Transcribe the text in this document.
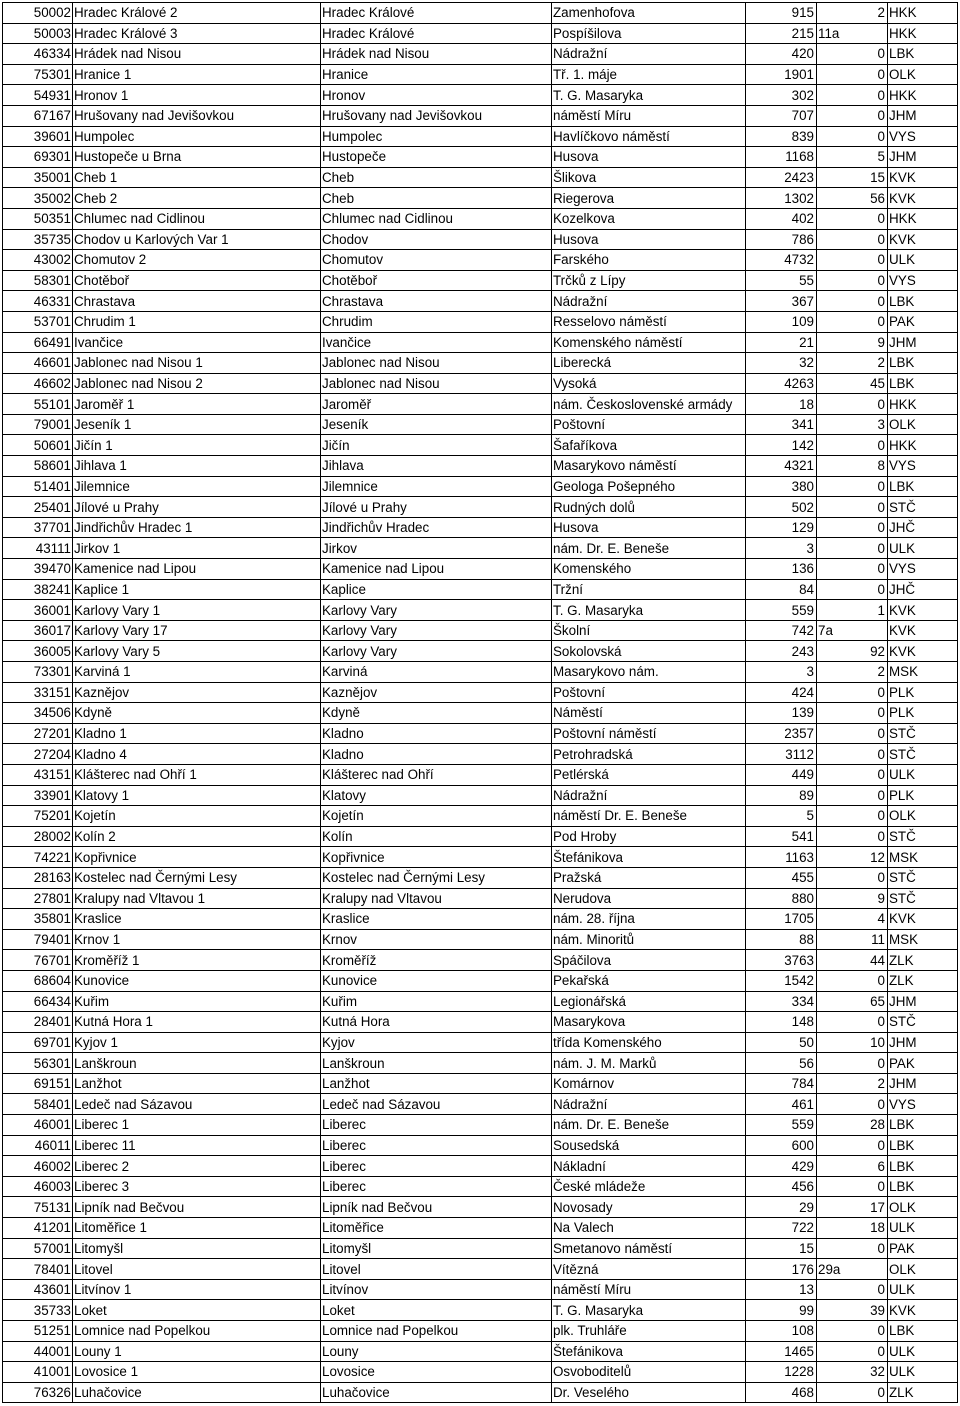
50002	Hradec Králové 2	Hradec Králové	Zamenhofova	915	2	HKK
50003	Hradec Králové 3	Hradec Králové	Pospíšilova	215	11a	HKK
46334	Hrádek nad Nisou	Hrádek nad Nisou	Nádražní	420	0	LBK
75301	Hranice 1	Hranice	Tř. 1. máje	1901	0	OLK
54931	Hronov 1	Hronov	T. G. Masaryka	302	0	HKK
67167	Hrušovany nad Jevišovkou	Hrušovany nad Jevišovkou	náměstí Míru	707	0	JHM
39601	Humpolec	Humpolec	Havlíčkovo náměstí	839	0	VYS
69301	Hustopeče u Brna	Hustopeče	Husova	1168	5	JHM
35001	Cheb 1	Cheb	Šlikova	2423	15	KVK
35002	Cheb 2	Cheb	Riegerova	1302	56	KVK
50351	Chlumec nad Cidlinou	Chlumec nad Cidlinou	Kozelkova	402	0	HKK
35735	Chodov u Karlových Var 1	Chodov	Husova	786	0	KVK
43002	Chomutov 2	Chomutov	Farského	4732	0	ULK
58301	Chotěboř	Chotěboř	Trčků z Lípy	55	0	VYS
46331	Chrastava	Chrastava	Nádražní	367	0	LBK
53701	Chrudim 1	Chrudim	Resselovo náměstí	109	0	PAK
66491	Ivančice	Ivančice	Komenského náměstí	21	9	JHM
46601	Jablonec nad Nisou 1	Jablonec nad Nisou	Liberecká	32	2	LBK
46602	Jablonec nad Nisou 2	Jablonec nad Nisou	Vysoká	4263	45	LBK
55101	Jaroměř 1	Jaroměř	nám. Československé armády	18	0	HKK
79001	Jeseník 1	Jeseník	Poštovní	341	3	OLK
50601	Jičín 1	Jičín	Šafaříkova	142	0	HKK
58601	Jihlava 1	Jihlava	Masarykovo náměstí	4321	8	VYS
51401	Jilemnice	Jilemnice	Geologa Pošepného	380	0	LBK
25401	Jílové u Prahy	Jílové u Prahy	Rudných dolů	502	0	STČ
37701	Jindřichův Hradec 1	Jindřichův Hradec	Husova	129	0	JHČ
43111	Jirkov 1	Jirkov	nám. Dr. E. Beneše	3	0	ULK
39470	Kamenice nad Lipou	Kamenice nad Lipou	Komenského	136	0	VYS
38241	Kaplice 1	Kaplice	Tržní	84	0	JHČ
36001	Karlovy Vary 1	Karlovy Vary	T. G. Masaryka	559	1	KVK
36017	Karlovy Vary 17	Karlovy Vary	Školní	742	7a	KVK
36005	Karlovy Vary 5	Karlovy Vary	Sokolovská	243	92	KVK
73301	Karviná 1	Karviná	Masarykovo nám.	3	2	MSK
33151	Kaznějov	Kaznějov	Poštovní	424	0	PLK
34506	Kdyně	Kdyně	Náměstí	139	0	PLK
27201	Kladno 1	Kladno	Poštovní náměstí	2357	0	STČ
27204	Kladno 4	Kladno	Petrohradská	3112	0	STČ
43151	Klášterec nad Ohří 1	Klášterec nad Ohří	Petlérská	449	0	ULK
33901	Klatovy 1	Klatovy	Nádražní	89	0	PLK
75201	Kojetín	Kojetín	náměstí Dr. E. Beneše	5	0	OLK
28002	Kolín 2	Kolín	Pod Hroby	541	0	STČ
74221	Kopřivnice	Kopřivnice	Štefánikova	1163	12	MSK
28163	Kostelec nad Černými Lesy	Kostelec nad Černými Lesy	Pražská	455	0	STČ
27801	Kralupy nad Vltavou 1	Kralupy nad Vltavou	Nerudova	880	9	STČ
35801	Kraslice	Kraslice	nám. 28. října	1705	4	KVK
79401	Krnov 1	Krnov	nám. Minoritů	88	11	MSK
76701	Kroměříž 1	Kroměříž	Spáčilova	3763	44	ZLK
68604	Kunovice	Kunovice	Pekařská	1542	0	ZLK
66434	Kuřim	Kuřim	Legionářská	334	65	JHM
28401	Kutná Hora 1	Kutná Hora	Masarykova	148	0	STČ
69701	Kyjov 1	Kyjov	třída Komenského	50	10	JHM
56301	Lanškroun	Lanškroun	nám. J. M. Marků	56	0	PAK
69151	Lanžhot	Lanžhot	Komárnov	784	2	JHM
58401	Ledeč nad Sázavou	Ledeč nad Sázavou	Nádražní	461	0	VYS
46001	Liberec 1	Liberec	nám. Dr. E. Beneše	559	28	LBK
46011	Liberec 11	Liberec	Sousedská	600	0	LBK
46002	Liberec 2	Liberec	Nákladní	429	6	LBK
46003	Liberec 3	Liberec	České mládeže	456	0	LBK
75131	Lipník nad Bečvou	Lipník nad Bečvou	Novosady	29	17	OLK
41201	Litoměřice 1	Litoměřice	Na Valech	722	18	ULK
57001	Litomyšl	Litomyšl	Smetanovo náměstí	15	0	PAK
78401	Litovel	Litovel	Vítězná	176	29a	OLK
43601	Litvínov 1	Litvínov	náměstí Míru	13	0	ULK
35733	Loket	Loket	T. G. Masaryka	99	39	KVK
51251	Lomnice nad Popelkou	Lomnice nad Popelkou	plk. Truhláře	108	0	LBK
44001	Louny 1	Louny	Štefánikova	1465	0	ULK
41001	Lovosice 1	Lovosice	Osvoboditelů	1228	32	ULK
76326	Luhačovice	Luhačovice	Dr. Veselého	468	0	ZLK
